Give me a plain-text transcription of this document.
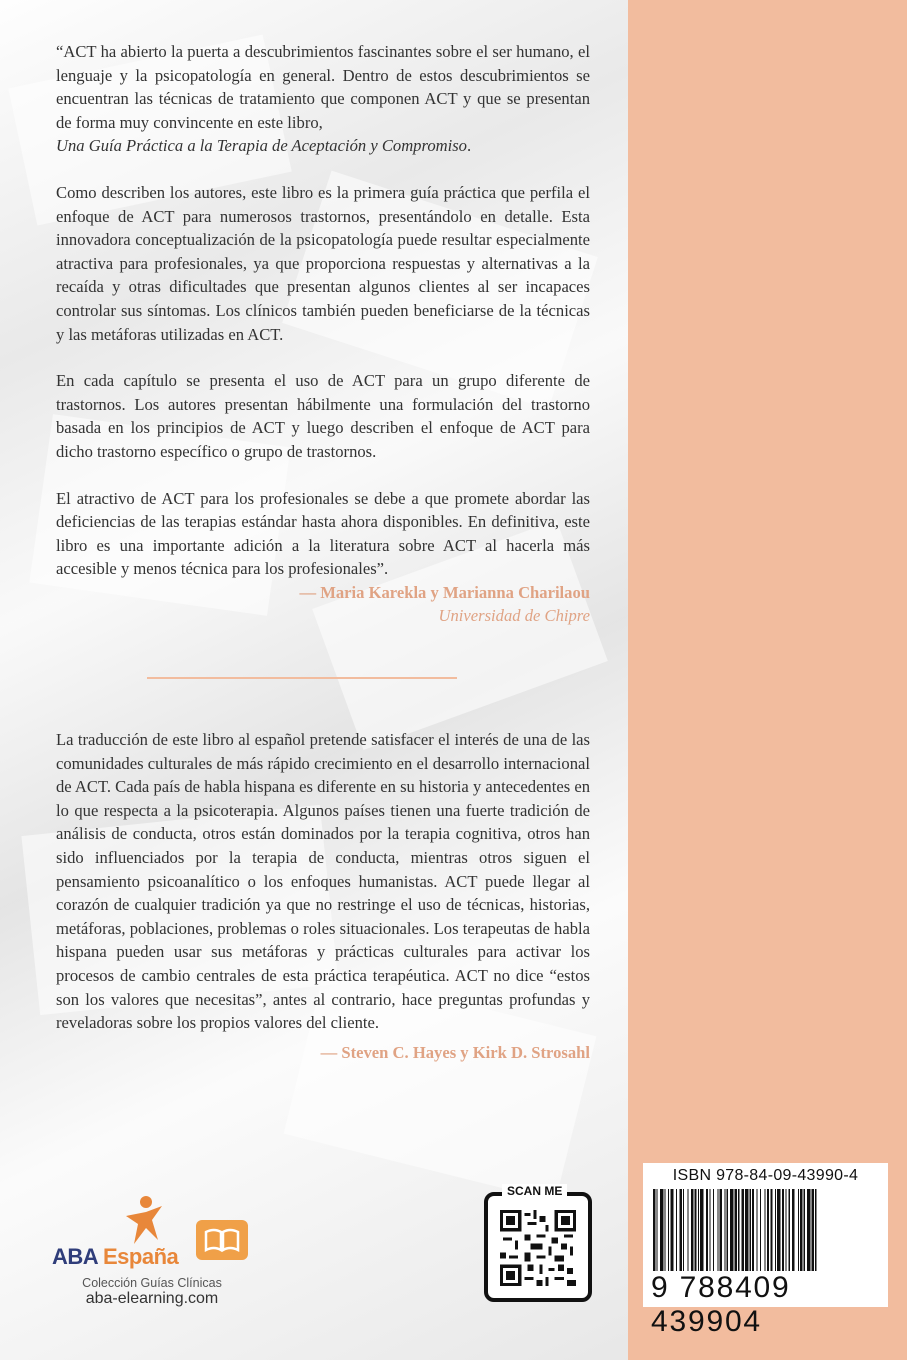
“ACT ha abierto la puerta a descubrimientos fascinantes sobre el ser humano, el lenguaje y la psicopatología en general. Dentro de estos descubrimientos se encuentran las técnicas de tratamiento que componen ACT y que se presentan de forma muy convincente en este libro,
Una Guía Práctica a la Terapia de Aceptación y Compromiso.

Como describen los autores, este libro es la primera guía práctica que perfila el enfoque de ACT para numerosos trastornos, presentándolo en detalle. Esta innovadora conceptualización de la psicopatología puede resultar especialmente atractiva para profesionales, ya que proporciona respuestas y alternativas a la recaída y otras dificultades que presentan algunos clientes al ser incapaces controlar sus síntomas. Los clínicos también pueden beneficiarse de la técnicas y las metáforas utilizadas en ACT.

En cada capítulo se presenta el uso de ACT para un grupo diferente de trastornos. Los autores presentan hábilmente una formulación del trastorno basada en los principios de ACT y luego describen el enfoque de ACT para dicho trastorno específico o grupo de trastornos.

El atractivo de ACT para los profesionales se debe a que promete abordar las deficiencias de las terapias estándar hasta ahora disponibles. En definitiva, este libro es una importante adición a la literatura sobre ACT al hacerla más accesible y menos técnica para los profesionales”.

— Maria Karekla y Marianna Charilaou
Universidad de Chipre

La traducción de este libro al español pretende satisfacer el interés de una de las comunidades culturales de más rápido crecimiento en el desarrollo internacional de ACT. Cada país de habla hispana es diferente en su historia y antecedentes en lo que respecta a la psicoterapia. Algunos países tienen una fuerte tradición de análisis de conducta, otros están dominados por la terapia cognitiva, otros han sido influenciados por la terapia de conducta, mientras otros siguen el pensamiento psicoanalítico o los enfoques humanistas. ACT puede llegar al corazón de cualquier tradición ya que no restringe el uso de técnicas, historias, metáforas, poblaciones, problemas o roles situacionales. Los terapeutas de habla hispana pueden usar sus metáforas y prácticas culturales para activar los procesos de cambio centrales de esta práctica terapéutica. ACT no dice “estos son los valores que necesitas”, antes al contrario, hace preguntas profundas y reveladoras sobre los propios valores del cliente.

— Steven C. Hayes y Kirk D. Strosahl
ABA España
Colección Guías Clínicas
aba-elearning.com
SCAN ME
ISBN 978-84-09-43990-4
9 788409 439904
